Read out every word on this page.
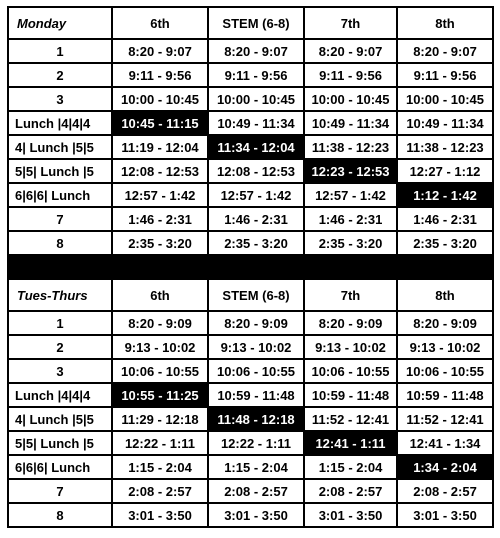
Monday	6th	STEM (6-8)	7th	8th
1	8:20 - 9:07	8:20 - 9:07	8:20 - 9:07	8:20 - 9:07
2	9:11 - 9:56	9:11 - 9:56	9:11 - 9:56	9:11 - 9:56
3	10:00 - 10:45	10:00 - 10:45	10:00 - 10:45	10:00 - 10:45
Lunch |4|4|4	10:45 - 11:15	10:49 - 11:34	10:49 - 11:34	10:49 - 11:34
4| Lunch |5|5	11:19 - 12:04	11:34 - 12:04	11:38 - 12:23	11:38 - 12:23
5|5| Lunch |5	12:08 - 12:53	12:08 - 12:53	12:23 - 12:53	12:27 - 1:12
6|6|6| Lunch	12:57 - 1:42	12:57 - 1:42	12:57 - 1:42	1:12 - 1:42
7	1:46 - 2:31	1:46 - 2:31	1:46 - 2:31	1:46 - 2:31
8	2:35 - 3:20	2:35 - 3:20	2:35 - 3:20	2:35 - 3:20

Tues-Thurs	6th	STEM (6-8)	7th	8th
1	8:20 - 9:09	8:20 - 9:09	8:20 - 9:09	8:20 - 9:09
2	9:13 - 10:02	9:13 - 10:02	9:13 - 10:02	9:13 - 10:02
3	10:06 - 10:55	10:06 - 10:55	10:06 - 10:55	10:06 - 10:55
Lunch |4|4|4	10:55 - 11:25	10:59 - 11:48	10:59 - 11:48	10:59 - 11:48
4| Lunch |5|5	11:29 - 12:18	11:48 - 12:18	11:52 - 12:41	11:52 - 12:41
5|5| Lunch |5	12:22 - 1:11	12:22 - 1:11	12:41 - 1:11	12:41 - 1:34
6|6|6| Lunch	1:15 - 2:04	1:15 - 2:04	1:15 - 2:04	1:34 - 2:04
7	2:08 - 2:57	2:08 - 2:57	2:08 - 2:57	2:08 - 2:57
8	3:01 - 3:50	3:01 - 3:50	3:01 - 3:50	3:01 - 3:50
